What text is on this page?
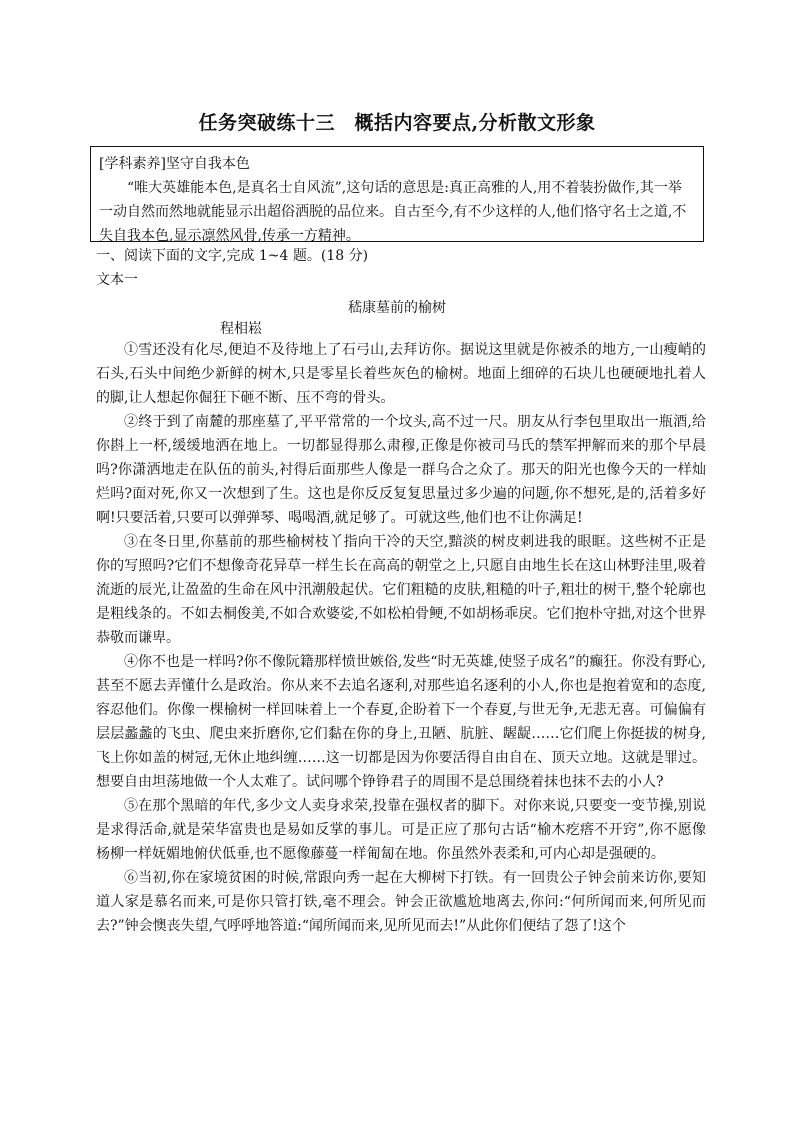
任务突破练十三　概括内容要点,分析散文形象

[学科素养]坚守自我本色

“唯大英雄能本色,是真名士自风流”,这句话的意思是:真正高雅的人,用不着装扮做作,其一举一动自然而然地就能显示出超俗洒脱的品位来。自古至今,有不少这样的人,他们恪守名士之道,不失自我本色,显示凛然风骨,传承一方精神。

一、阅读下面的文字,完成 1~4 题。(18 分)
文本一
嵇康墓前的榆树
程相崧

①雪还没有化尽,便迫不及待地上了石弓山,去拜访你。据说这里就是你被杀的地方,一山瘦峭的石头,石头中间绝少新鲜的树木,只是零星长着些灰色的榆树。地面上细碎的石块儿也硬硬地扎着人的脚,让人想起你倔狂下砸不断、压不弯的骨头。

②终于到了南麓的那座墓了,平平常常的一个坟头,高不过一尺。朋友从行李包里取出一瓶酒,给你斟上一杯,缓缓地洒在地上。一切都显得那么肃穆,正像是你被司马氏的禁军押解而来的那个早晨吗?你潇洒地走在队伍的前头,衬得后面那些人像是一群乌合之众了。那天的阳光也像今天的一样灿烂吗?面对死,你又一次想到了生。这也是你反反复复思量过多少遍的问题,你不想死,是的,活着多好啊!只要活着,只要可以弹弹琴、喝喝酒,就足够了。可就这些,他们也不让你满足!

③在冬日里,你墓前的那些榆树枝丫指向干冷的天空,黯淡的树皮刺进我的眼眶。这些树不正是你的写照吗?它们不想像奇花异草一样生长在高高的朝堂之上,只愿自由地生长在这山林野洼里,吸着流逝的辰光,让盈盈的生命在风中汛潮般起伏。它们粗糙的皮肤,粗糙的叶子,粗壮的树干,整个轮廓也是粗线条的。不如去桐俊美,不如合欢婆娑,不如松柏骨鲠,不如胡杨乖戾。它们抱朴守拙,对这个世界恭敬而谦卑。

④你不也是一样吗?你不像阮籍那样愤世嫉俗,发些“时无英雄,使竖子成名”的癫狂。你没有野心,甚至不愿去弄懂什么是政治。你从来不去追名逐利,对那些追名逐利的小人,你也是抱着宽和的态度,容忍他们。你像一棵榆树一样回味着上一个春夏,企盼着下一个春夏,与世无争,无悲无喜。可偏偏有层层蠡蠡的飞虫、爬虫来折磨你,它们黏在你的身上,丑陋、肮脏、龌龊……它们爬上你挺拔的树身,飞上你如盖的树冠,无休止地纠缠……这一切都是因为你要活得自由自在、顶天立地。这就是罪过。想要自由坦荡地做一个人太难了。试问哪个铮铮君子的周围不是总围绕着抹也抹不去的小人?

⑤在那个黑暗的年代,多少文人卖身求荣,投靠在强权者的脚下。对你来说,只要变一变节操,别说是求得活命,就是荣华富贵也是易如反掌的事儿。可是正应了那句古话“榆木疙瘩不开窍”,你不愿像杨柳一样妩媚地俯伏低垂,也不愿像藤蔓一样匍匐在地。你虽然外表柔和,可内心却是强硬的。

⑥当初,你在家境贫困的时候,常跟向秀一起在大柳树下打铁。有一回贵公子钟会前来访你,要知道人家是慕名而来,可是你只管打铁,毫不理会。钟会正欲尴尬地离去,你问:“何所闻而来,何所见而去?”钟会懊丧失望,气呼呼地答道:“闻所闻而来,见所见而去!”从此你们便结了怨了!这个
